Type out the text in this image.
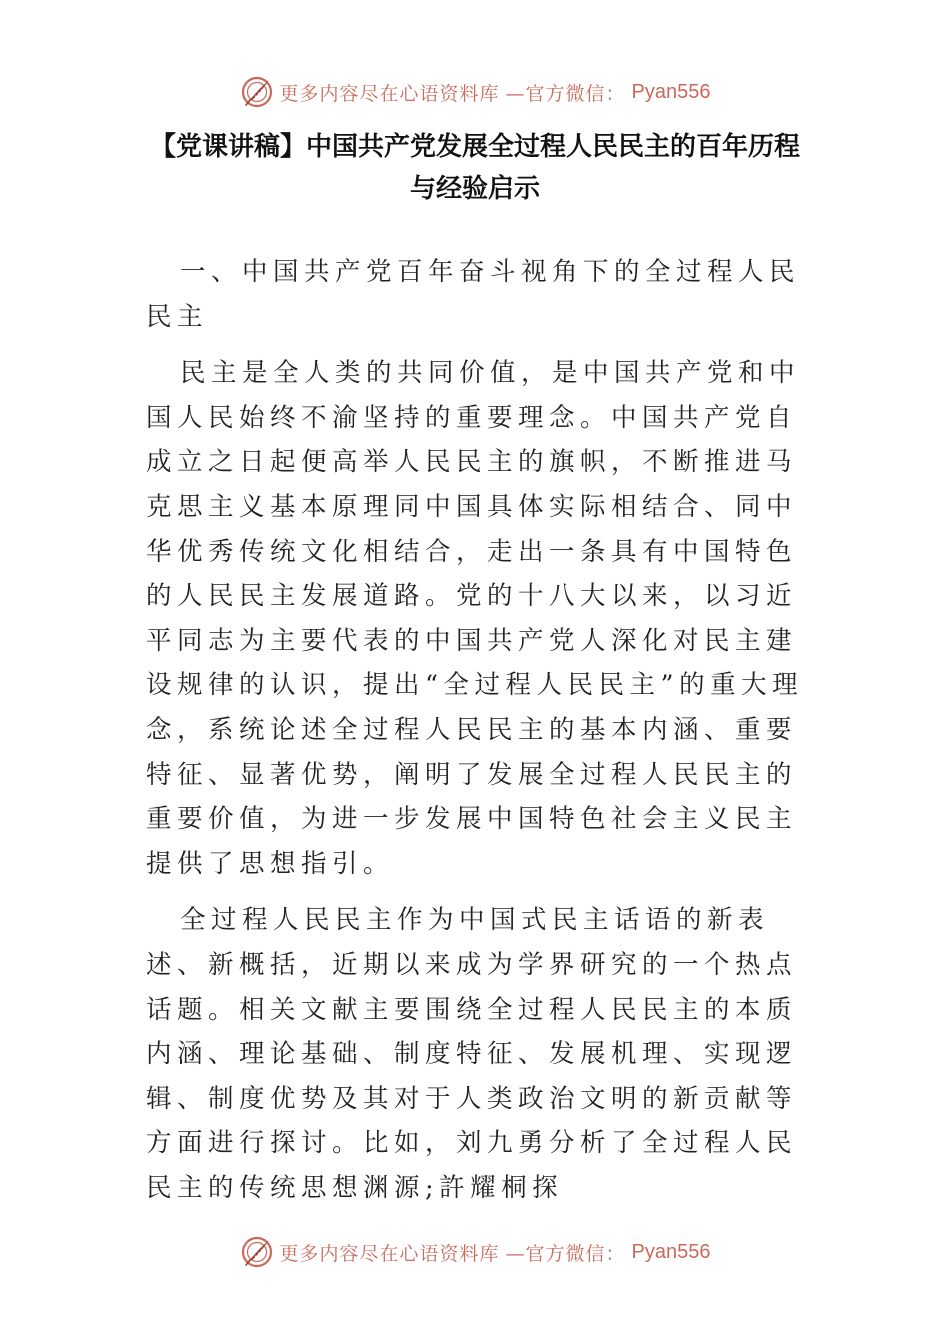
更多内容尽在心语资料库 —官方微信： Pyan556
【党课讲稿】中国共产党发展全过程人民民主的百年历程与经验启示

一、中国共产党百年奋斗视角下的全过程人民民主

民主是全人类的共同价值，是中国共产党和中国人民始终不渝坚持的重要理念。中国共产党自成立之日起便高举人民民主的旗帜，不断推进马克思主义基本原理同中国具体实际相结合、同中华优秀传统文化相结合，走出一条具有中国特色的人民民主发展道路。党的十八大以来，以习近平同志为主要代表的中国共产党人深化对民主建设规律的认识，提出“全过程人民民主”的重大理念，系统论述全过程人民民主的基本内涵、重要特征、显著优势，阐明了发展全过程人民民主的重要价值，为进一步发展中国特色社会主义民主提供了思想指引。

全过程人民民主作为中国式民主话语的新表述、新概括，近期以来成为学界研究的一个热点话题。相关文献主要围绕全过程人民民主的本质内涵、理论基础、制度特征、发展机理、实现逻辑、制度优势及其对于人类政治文明的新贡献等方面进行探讨。比如，刘九勇分析了全过程人民民主的传统思想渊源;許耀桐探

更多内容尽在心语资料库 —官方微信： Pyan556
